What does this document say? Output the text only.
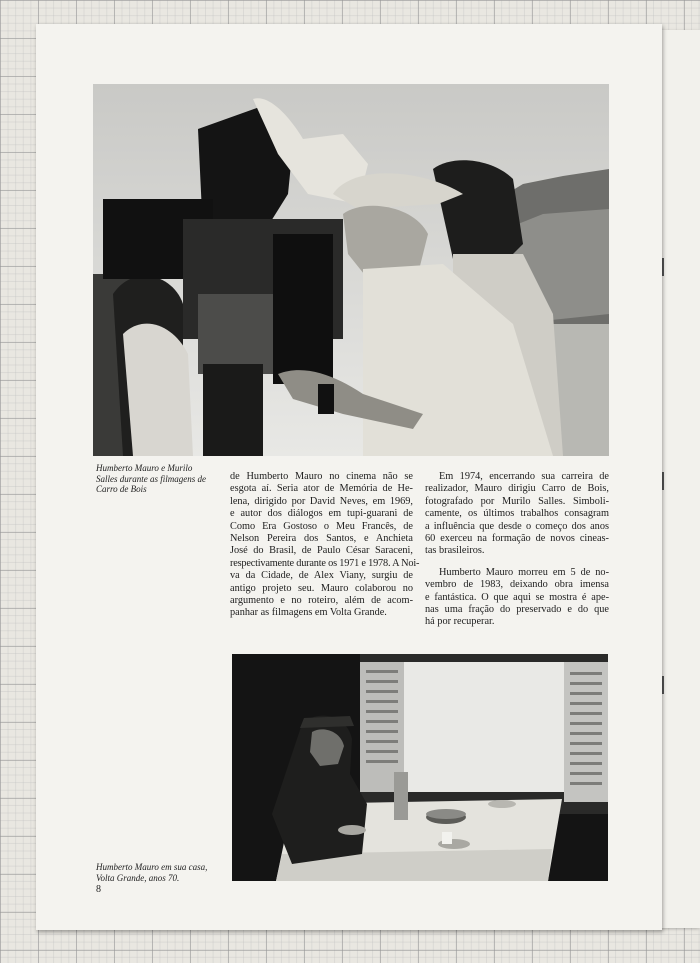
Humberto Mauro e Murilo
Salles durante as filmagens de
Carro de Bois
de Humberto Mauro no cinema não se
esgota aí. Seria ator de Memória de He-
lena, dirigido por David Neves, em 1969,
e autor dos diálogos em tupi-guarani de
Como Era Gostoso o Meu Francês, de
Nelson Pereira dos Santos, e Anchieta
José do Brasil, de Paulo César Saraceni,
respectivamente durante os 1971 e 1978. A Noi-
va da Cidade, de Alex Viany, surgiu de
antigo projeto seu. Mauro colaborou no
argumento e no roteiro, além de acom-
panhar as filmagens em Volta Grande.
Em 1974, encerrando sua carreira de
realizador, Mauro dirigiu Carro de Bois,
fotografado por Murilo Salles. Simboli-
camente, os últimos trabalhos consagram
a influência que desde o começo dos anos
60 exerceu na formação de novos cineas-
tas brasileiros.
Humberto Mauro morreu em 5 de no-
vembro de 1983, deixando obra imensa
e fantástica. O que aqui se mostra é ape-
nas uma fração do preservado e do que
há por recuperar.
Humberto Mauro em sua casa,
Volta Grande, anos 70.
8
